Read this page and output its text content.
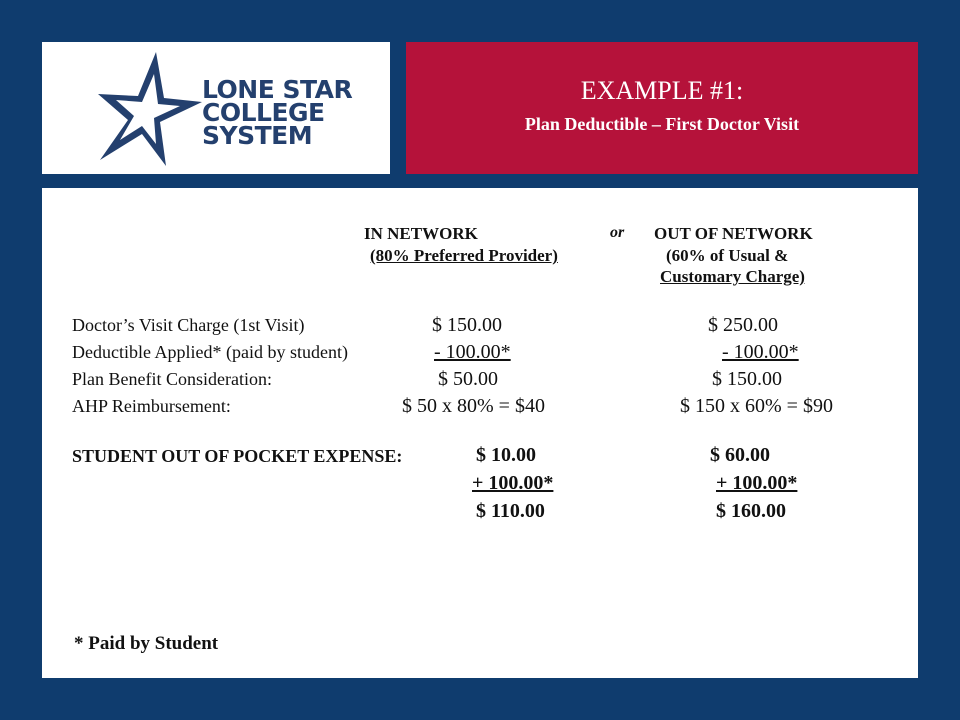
LONE STAR
COLLEGE
SYSTEM
EXAMPLE #1:
Plan Deductible – First Doctor Visit
IN NETWORK
(80% Preferred Provider)
or OUT OF NETWORK
(60% of Usual &
Customary Charge)
Doctor’s Visit Charge (1st Visit)	$ 150.00	$ 250.00
Deductible Applied* (paid by student)	- 100.00*	- 100.00*
Plan Benefit Consideration:	$ 50.00	$ 150.00
AHP Reimbursement:	$ 50 x 80% = $40	$ 150 x 60% = $90
STUDENT OUT OF POCKET EXPENSE:	$ 10.00	$ 60.00
+ 100.00*	+ 100.00*
$ 110.00	$ 160.00
* Paid by Student
